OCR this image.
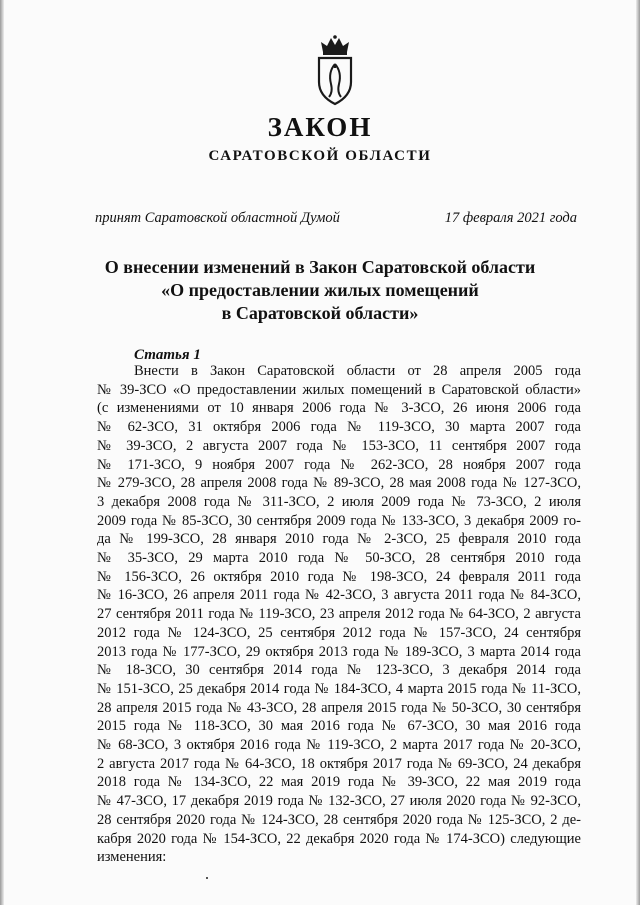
ЗАКОН
САРАТОВСКОЙ ОБЛАСТИ
принят Саратовской областной Думой	17 февраля 2021 года
О внесении изменений в Закон Саратовской области
«О предоставлении жилых помещений
в Саратовской области»
Статья 1
Внести в Закон Саратовской области от 28 апреля 2005 года
№ 39-ЗСО «О предоставлении жилых помещений в Саратовской области»
(с изменениями от 10 января 2006 года № 3-ЗСО, 26 июня 2006 года
№ 62-ЗСО, 31 октября 2006 года № 119-ЗСО, 30 марта 2007 года
№ 39-ЗСО, 2 августа 2007 года № 153-ЗСО, 11 сентября 2007 года
№ 171-ЗСО, 9 ноября 2007 года № 262-ЗСО, 28 ноября 2007 года
№ 279-ЗСО, 28 апреля 2008 года № 89-ЗСО, 28 мая 2008 года № 127-ЗСО,
3 декабря 2008 года № 311-ЗСО, 2 июля 2009 года № 73-ЗСО, 2 июля
2009 года № 85-ЗСО, 30 сентября 2009 года № 133-ЗСО, 3 декабря 2009 го-
да № 199-ЗСО, 28 января 2010 года № 2-ЗСО, 25 февраля 2010 года
№ 35-ЗСО, 29 марта 2010 года № 50-ЗСО, 28 сентября 2010 года
№ 156-ЗСО, 26 октября 2010 года № 198-ЗСО, 24 февраля 2011 года
№ 16-ЗСО, 26 апреля 2011 года № 42-ЗСО, 3 августа 2011 года № 84-ЗСО,
27 сентября 2011 года № 119-ЗСО, 23 апреля 2012 года № 64-ЗСО, 2 августа
2012 года № 124-ЗСО, 25 сентября 2012 года № 157-ЗСО, 24 сентября
2013 года № 177-ЗСО, 29 октября 2013 года № 189-ЗСО, 3 марта 2014 года
№ 18-ЗСО, 30 сентября 2014 года № 123-ЗСО, 3 декабря 2014 года
№ 151-ЗСО, 25 декабря 2014 года № 184-ЗСО, 4 марта 2015 года № 11-ЗСО,
28 апреля 2015 года № 43-ЗСО, 28 апреля 2015 года № 50-ЗСО, 30 сентября
2015 года № 118-ЗСО, 30 мая 2016 года № 67-ЗСО, 30 мая 2016 года
№ 68-ЗСО, 3 октября 2016 года № 119-ЗСО, 2 марта 2017 года № 20-ЗСО,
2 августа 2017 года № 64-ЗСО, 18 октября 2017 года № 69-ЗСО, 24 декабря
2018 года № 134-ЗСО, 22 мая 2019 года № 39-ЗСО, 22 мая 2019 года
№ 47-ЗСО, 17 декабря 2019 года № 132-ЗСО, 27 июля 2020 года № 92-ЗСО,
28 сентября 2020 года № 124-ЗСО, 28 сентября 2020 года № 125-ЗСО, 2 де-
кабря 2020 года № 154-ЗСО, 22 декабря 2020 года № 174-ЗСО) следующие
изменения:
